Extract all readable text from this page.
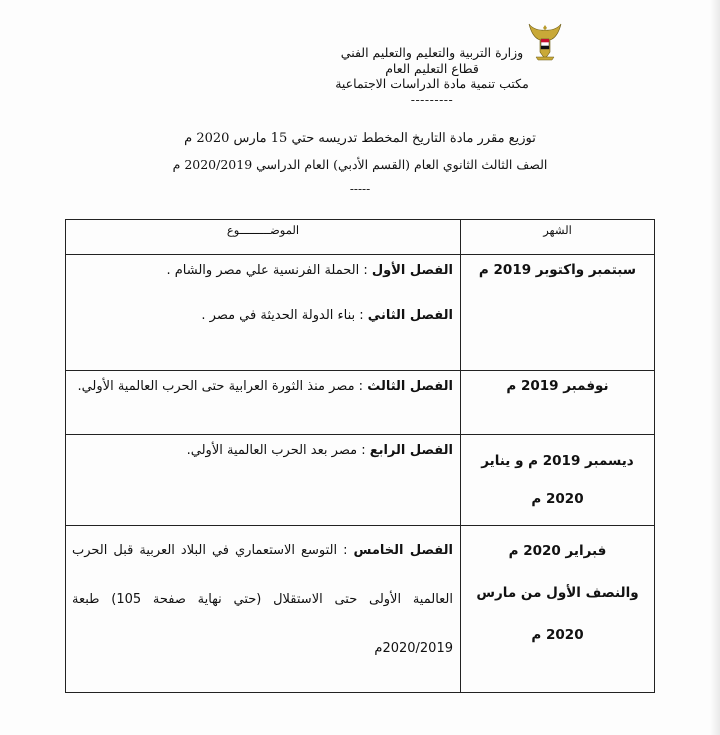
وزارة التربية والتعليم والتعليم الفني
قطاع التعليم العام
مكتب تنمية مادة الدراسات الاجتماعية
---------
توزيع مقرر مادة التاريخ المخطط تدريسه حتي 15 مارس 2020 م
الصف الثالث الثانوي العام (القسم الأدبي) العام الدراسي 2020/2019 م
-----
الشهر	الموضـــــــــوع

سبتمبر واكتوبر 2019 م	الفصل الأول : الحملة الفرنسية علي مصر والشام .

الفصل الثاني : بناء الدولة الحديثة في مصر .

نوفمبر 2019 م	الفصل الثالث : مصر منذ الثورة العرابية حتى الحرب العالمية الأولي.

ديسمبر 2019 م و يناير
2020 م	الفصل الرابع : مصر بعد الحرب العالمية الأولي.

فبراير 2020 م
والنصف الأول من مارس
2020 م	الفصل الخامس : التوسع الاستعماري في البلاد العربية قبل الحرب العالمية الأولى حتى الاستقلال (حتي نهاية صفحة 105) طبعة 2020/2019م
